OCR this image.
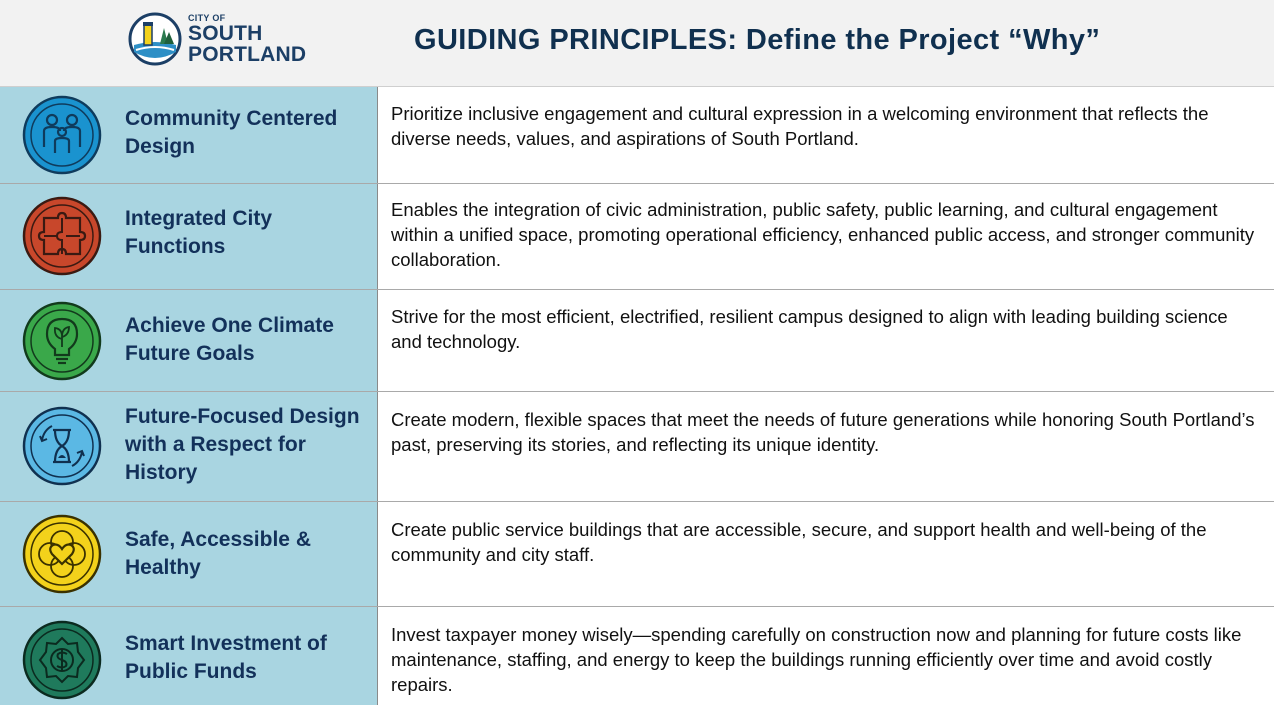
CITY OF
SOUTH
PORTLAND	GUIDING PRINCIPLES: Define the Project “Why”
Community Centered Design
Prioritize inclusive engagement and cultural expression in a welcoming environment that reflects the diverse needs, values, and aspirations of South Portland.
Integrated City Functions
Enables the integration of civic administration, public safety, public learning, and cultural engagement within a unified space, promoting operational efficiency, enhanced public access, and stronger community collaboration.
Achieve One Climate Future Goals
Strive for the most efficient, electrified, resilient campus designed to align with leading building science and technology.
Future-Focused Design with a Respect for History
Create modern, flexible spaces that meet the needs of future generations while honoring South Portland’s past, preserving its stories, and reflecting its unique identity.
Safe, Accessible & Healthy
Create public service buildings that are accessible, secure, and support health and well-being of the community and city staff.
Smart Investment of Public Funds
Invest taxpayer money wisely—spending carefully on construction now and planning for future costs like maintenance, staffing, and energy to keep the buildings running efficiently over time and avoid costly repairs.
